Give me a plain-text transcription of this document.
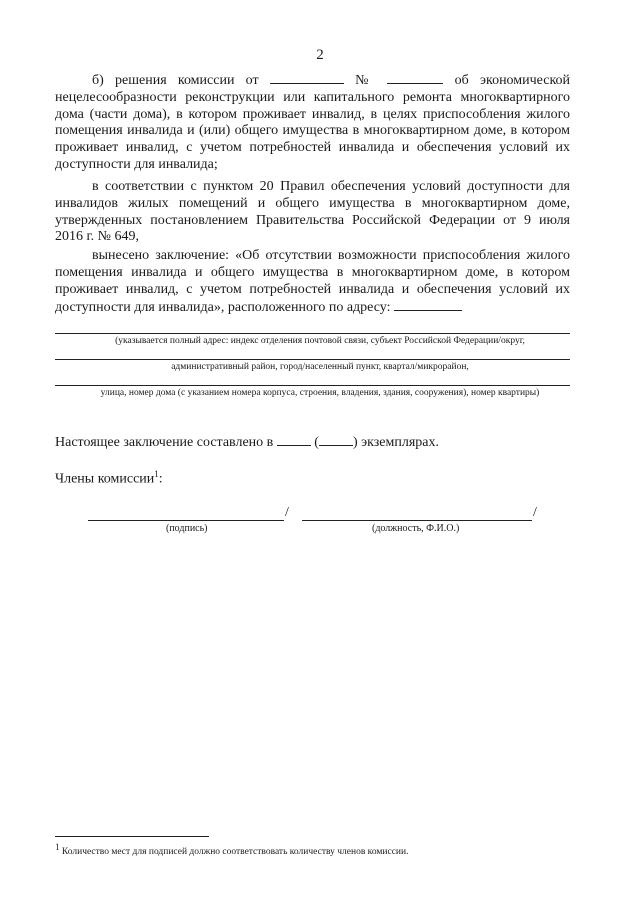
2
б) решения комиссии от	№	об экономической нецелесообразности реконструкции или капитального ремонта многоквартирного дома (части дома), в котором проживает инвалид, в целях приспособления жилого помещения инвалида и (или) общего имущества в многоквартирном доме, в котором проживает инвалид, с учетом потребностей инвалида и обеспечения условий их доступности для инвалида;
в соответствии с пунктом 20 Правил обеспечения условий доступности для инвалидов жилых помещений и общего имущества в многоквартирном доме, утвержденных постановлением Правительства Российской Федерации от 9 июля 2016 г. № 649,
вынесено заключение: «Об отсутствии возможности приспособления жилого помещения инвалида и общего имущества в многоквартирном доме, в котором проживает инвалид, с учетом потребностей инвалида и обеспечения условий их доступности для инвалида», расположенного по адресу:
(указывается полный адрес: индекс отделения почтовой связи, субъект Российской Федерации/округ,
административный район, город/населенный пункт, квартал/микрорайон,
улица, номер дома (с указанием номера корпуса, строения, владения, здания, сооружения), номер квартиры)
Настоящее заключение составлено в	( ) экземплярах.
Члены комиссии$^1$:
/	/
(подпись)	(должность, Ф.И.О.)
$^1$ Количество мест для подписей должно соответствовать количеству членов комиссии.
